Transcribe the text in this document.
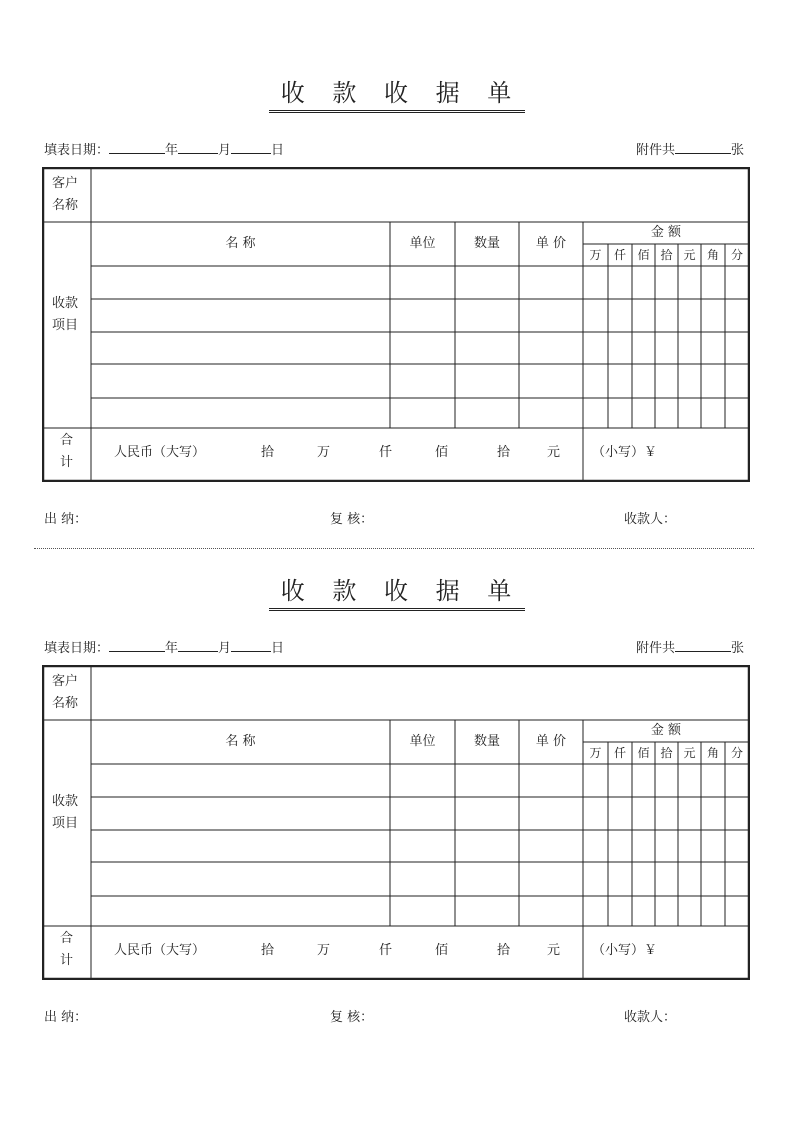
收 款 收 据 单
填表日期：	年	月	日	附件共	张
客户
名称
收款
项目
名 称	单位	数量	单 价
金 额
万	仟 佰 拾 元 角 分
合
计
人民币（大写）	拾	万	仟	佰	拾	元 （小写）￥
出 纳：	复 核：	收款人：
收 款 收 据 单
填表日期：	年	月	日	附件共	张
客户
名称
收款
项目
名 称	单位	数量	单 价
金 额
万	仟 佰 拾 元 角 分
合
计
人民币（大写）	拾	万	仟	佰	拾	元 （小写）￥
出 纳：	复 核：	收款人：
